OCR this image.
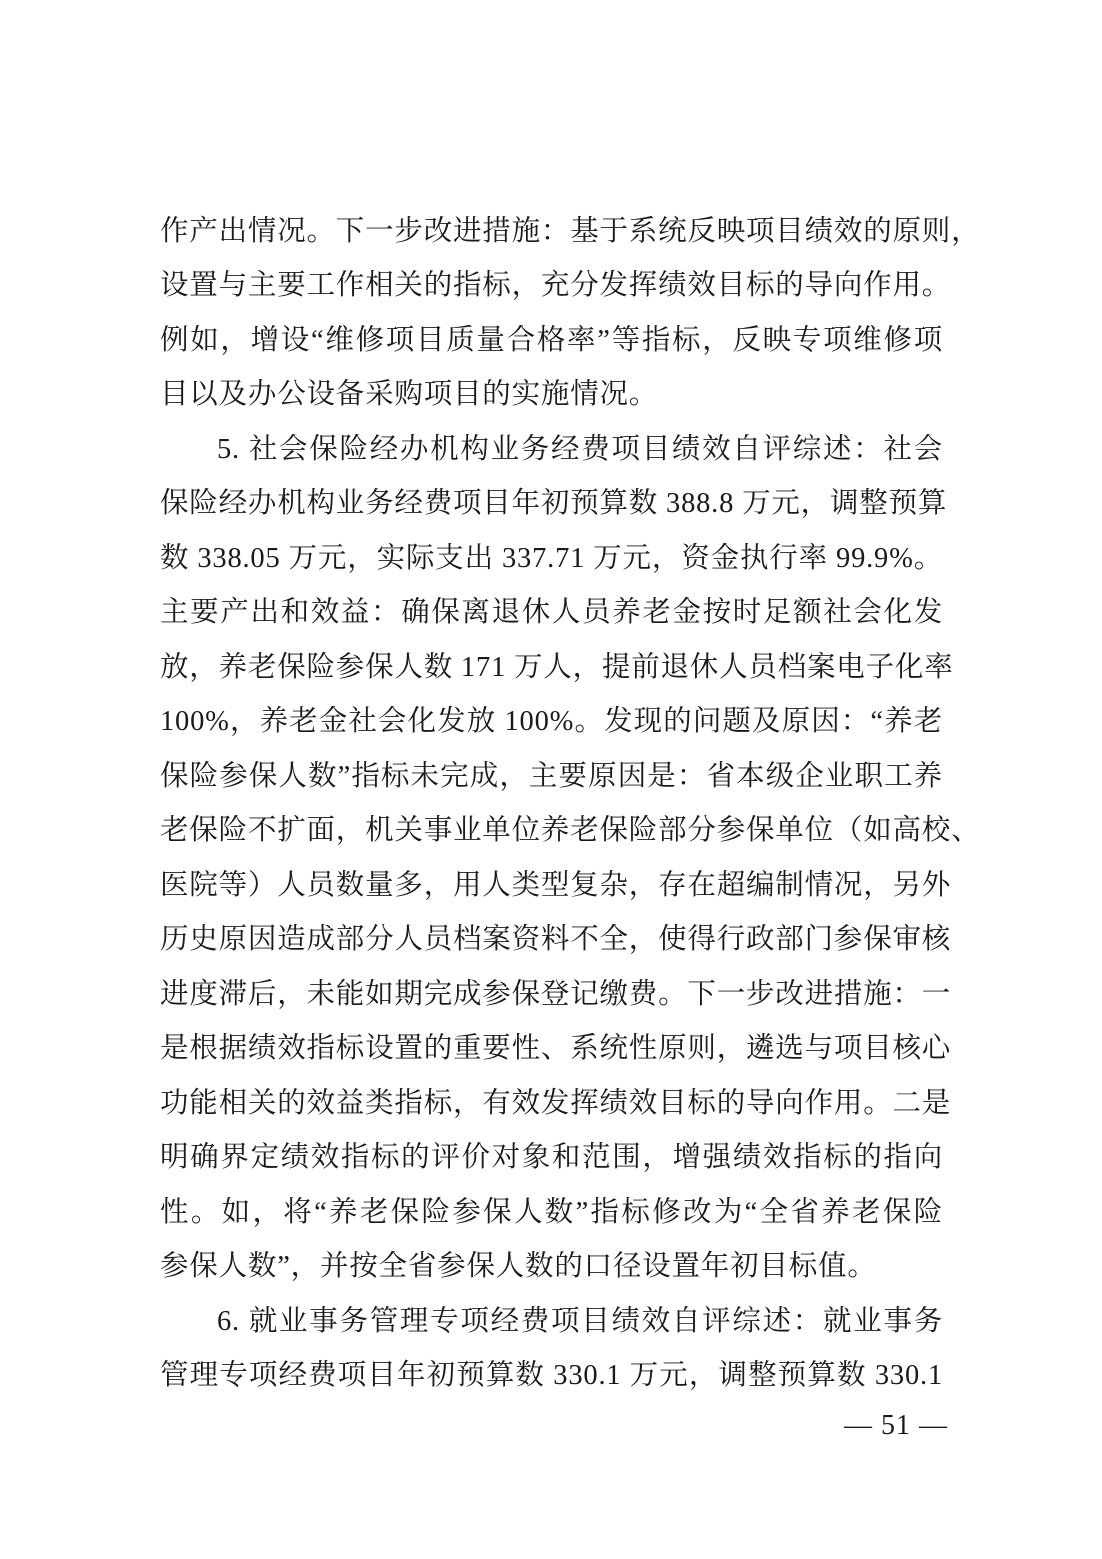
作产出情况。下一步改进措施：基于系统反映项目绩效的原则，
设置与主要工作相关的指标，充分发挥绩效目标的导向作用。
例如，增设“维修项目质量合格率”等指标，反映专项维修项
目以及办公设备采购项目的实施情况。
5. 社会保险经办机构业务经费项目绩效自评综述：社会
保险经办机构业务经费项目年初预算数 388.8 万元，调整预算
数 338.05 万元，实际支出 337.71 万元，资金执行率 99.9%。
主要产出和效益：确保离退休人员养老金按时足额社会化发
放，养老保险参保人数 171 万人，提前退休人员档案电子化率
100%，养老金社会化发放 100%。发现的问题及原因：“养老
保险参保人数”指标未完成，主要原因是：省本级企业职工养
老保险不扩面，机关事业单位养老保险部分参保单位（如高校、
医院等）人员数量多，用人类型复杂，存在超编制情况，另外
历史原因造成部分人员档案资料不全，使得行政部门参保审核
进度滞后，未能如期完成参保登记缴费。下一步改进措施：一
是根据绩效指标设置的重要性、系统性原则，遴选与项目核心
功能相关的效益类指标，有效发挥绩效目标的导向作用。二是
明确界定绩效指标的评价对象和范围，增强绩效指标的指向
性。如，将“养老保险参保人数”指标修改为“全省养老保险
参保人数”，并按全省参保人数的口径设置年初目标值。
6. 就业事务管理专项经费项目绩效自评综述：就业事务
管理专项经费项目年初预算数 330.1 万元，调整预算数 330.1
— 51 —
